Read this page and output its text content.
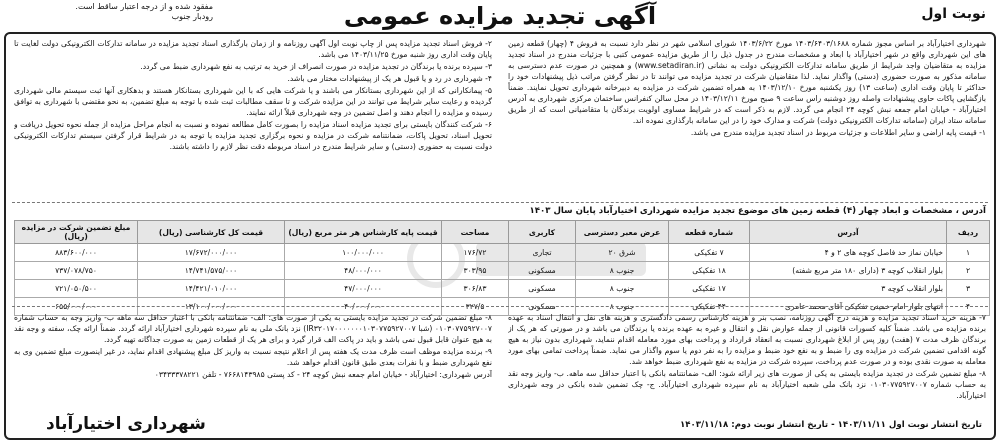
مفقود شده و از درجه اعتبار ساقط است.
رودبار جنوب	آگهی تجدید مزایده عمومی	نوبت اول

شهرداری اختیارآباد بر اساس مجوز شماره ۱۴۰۳/۶۴۰۳/۱۶۸۸ مورخ ۱۴۰۳/۶/۲۲ شورای اسلامی شهر در نظر دارد نسبت به فروش ۴ (چهار) قطعه زمین های این شهرداری واقع در شهر اختیارآباد با ابعاد و مشخصات مندرج در جدول ذیل را از طریق مزایده عمومی کتبی با جزئیات مندرج در اسناد تجدید مزایده به متقاضیان واجد شرایط از طریق سامانه تدارکات الکترونیکی دولت به نشانی (www.setadiran.ir) و همچنین در صورت عدم دسترسی به سامانه مذکور به صورت حضوری (دستی) واگذار نماید. لذا متقاضیان شرکت در تجدید مزایده می توانند تا در نظر گرفتن مراتب ذیل پیشنهادات خود را حداکثر تا پایان وقت اداری (ساعت ۱۳) روز یکشنبه مورخ ۱۴۰۳/۱۲/۱۰ به همراه تضمین شرکت در مزایده به دبیرخانه شهرداری تحویل نمایند. ضمناً بازگشایی پاکات حاوی پیشنهادات واصله روز دوشنبه راس ساعت ۹ صبح مورخ ۱۴۰۳/۱۲/۱۱ در محل سالن کنفرانس ساختمان مرکزی شهرداری به آدرس اختیارآباد - خیابان امام جمعه نبش کوچه ۲۴ انجام می گردد. لازم به ذکر است که در شرایط مساوی اولویت برندگان با متقاضیانی است که از طریق سامانه ستاد ایران (سامانه تدارکات الکترونیکی دولت) شرکت و مدارک خود را در این سامانه بارگذاری نموده اند.

۱- قیمت پایه اراضی و سایر اطلاعات و جزئیات مربوط در اسناد تجدید مزایده مندرج می باشد.

۲- فروش اسناد تجدید مزایده پس از چاپ نوبت اول آگهی روزنامه و از زمان بارگذاری اسناد تجدید مزایده در سامانه تدارکات الکترونیکی دولت لغایت تا پایان وقت اداری روز شنبه مورخ ۱۴۰۳/۱۱/۲۵ می باشد.

۳- سپرده برنده یا برندگان در تجدید مزایده در صورت انصراف از خرید به ترتیب به نفع شهرداری ضبط می گردد.

۴- شهرداری در رد و یا قبول هر یک از پیشنهادات مختار می باشد.

۵- پیمانکارانی که از این شهرداری بستانکار می باشند و یا شرکت هایی که با این شهرداری بستانکار هستند و بدهکاری آنها ثبت سیستم مالی شهرداری گردیده و رعایت سایر شرایط می توانند در این مزایده شرکت و تا سقف مطالبات ثبت شده با توجه به مبلغ تضمین، به نحو مقتضی با شهرداری به توافق رسیده و مزایده را انجام دهند و اصل تضمین در وجه شهرداری قبلاً ارائه نمایند.

۶- شرکت کنندگان بایستی برای تجدید مزایده اسناد مزایده را بصورت کامل مطالعه نموده و نسبت به انجام مراحل مزایده از جمله نحوه تحویل دریافت و تحویل اسناد، تحویل پاکات، ضمانتنامه شرکت در مزایده و نحوه برگزاری تجدید مزایده با توجه به در شرایط قرار گرفتن سیستم تدارکات الکترونیکی دولت نسبت به حضوری (دستی) و سایر شرایط مندرج در اسناد مربوطه دقت نظر لازم را داشته باشند.

آدرس ، مشخصات و ابعاد چهار (۴) قطعه زمین های موضوع تجدید مزایده شهرداری اختیارآباد پایان سال ۱۴۰۳
ردیف	آدرس	شماره قطعه	عرض معبر دسترسی	کاربری	مساحت	قیمت پایه کارشناس هر متر مربع (ریال)	قیمت کل کارشناسی (ریال)	مبلغ تضمین شرکت در مزایده (ریال)
۱	خیابان نماز حد فاصل کوچه های ۲ و ۴	۷ تفکیکی	شرق ۲۰	تجاری	۱۷۶/۷۲	۱۰۰/۰۰۰/۰۰۰	۱۷/۶۷۲/۰۰۰/۰۰۰	۸۸۳/۶۰۰/۰۰۰
۲	بلوار انقلاب کوچه ۳ (دارای ۱۸۰ متر مربع شفته)	۱۸ تفکیکی	جنوب ۸	مسکونی	۳۰۳/۹۵	۴۸/۰۰۰/۰۰۰	۱۴/۷۴۱/۵۷۵/۰۰۰	۷۳۷/۰۷۸/۷۵۰
۳	بلوار انقلاب کوچه ۳	۱۷ تفکیکی	جنوب ۸	مسکونی	۳۰۶/۸۳	۴۷/۰۰۰/۰۰۰	۱۴/۴۲۱/۰۱۰/۰۰۰	۷۲۱/۰۵۰/۵۰۰
۴	انتهای بلوار امام خمینی تفکیکی آقای محمد عامری	۴۴ تفکیکی	جنوب ۸	مسکونی	۳۲۷/۵	۴۰/۰۰۰/۰۰۰	۱۳/۱۰۰/۰۰۰/۰۰۰	۶۵۵/۰۰۰/۰۰۰

۷- هزینه خرید اسناد تجدید مزایده و هزینه درج آگهی روزنامه، نصب بنر و هزینه کارشناس رسمی دادگستری و هزینه های نقل و انتقال اسناد به عهده برنده مزایده می باشد. ضمناً کلیه کسورات قانونی از جمله عوارض نقل و انتقال و غیره به عهده برنده یا برندگان می باشد و در صورتی که هر یک از برندگان ظرف مدت ۷ (هفت) روز پس از ابلاغ شهرداری نسبت به انعقاد قرارداد و پرداخت بهای مورد معامله اقدام ننماید، شهرداری بدون نیاز به هیچ گونه اقدامی تضمین شرکت در مزایده وی را ضبط و به نفع خود ضبط و مزایده را به نفر دوم یا سوم واگذار می نماید. ضمناً پرداخت تمامی بهای مورد معامله به صورت نقدی بوده و در صورت عدم پرداخت، سپرده شرکت در مزایده به نفع شهرداری ضبط خواهد شد.

۸- مبلغ تضمین شرکت در تجدید مزایده بایستی به یکی از صورت های زیر ارائه شود: الف- ضمانتنامه بانکی با اعتبار حداقل سه ماهه. ب- واریز وجه نقد به حساب شماره ۰۱۰۳۰۷۷۵۹۲۷۰۰۷ نزد بانک ملی شعبه اختیارآباد به نام سپرده شهرداری اختیارآباد. ج- چک تضمین شده بانکی در وجه شهرداری اختیارآباد.

۸- مبلغ تضمین شرکت در تجدید مزایده بایستی به یکی از صورت های: الف- ضمانتنامه بانکی با اعتبار حداقل سه ماهه ب- واریز وجه به حساب شماره ۰۱۰۳۰۷۷۵۹۲۷۰۰۷ (شبا IR۳۲۰۱۷۰۰۰۰۰۰۰۱۰۳۰۷۷۵۹۲۷۰۰۷) نزد بانک ملی به نام سپرده شهرداری اختیارآباد ارائه گردد. ضمناً ارائه چک، سفته و وجه نقد به هیچ عنوان قابل قبول نمی باشد و باید در پاکت الف قرار گیرد و برای هر یک از قطعات زمین به صورت جداگانه تهیه گردد.

۹- برنده مزایده موظف است ظرف مدت یک هفته پس از اعلام نتیجه نسبت به واریز کل مبلغ پیشنهادی اقدام نماید، در غیر اینصورت مبلغ تضمین وی به نفع شهرداری ضبط و با نفرات بعدی طبق قانون اقدام خواهد شد.

آدرس شهرداری: اختیارآباد - خیابان امام جمعه نبش کوچه ۲۴ - کد پستی ۷۶۶۸۱۴۳۹۸۵ - تلفن ۰۳۴۳۳۳۷۸۲۲۱

تاریخ انتشار نوبت اول ۱۴۰۳/۱۱/۱۱ - تاریخ انتشار نوبت دوم: ۱۴۰۳/۱۱/۱۸
شهرداری اختیارآباد
